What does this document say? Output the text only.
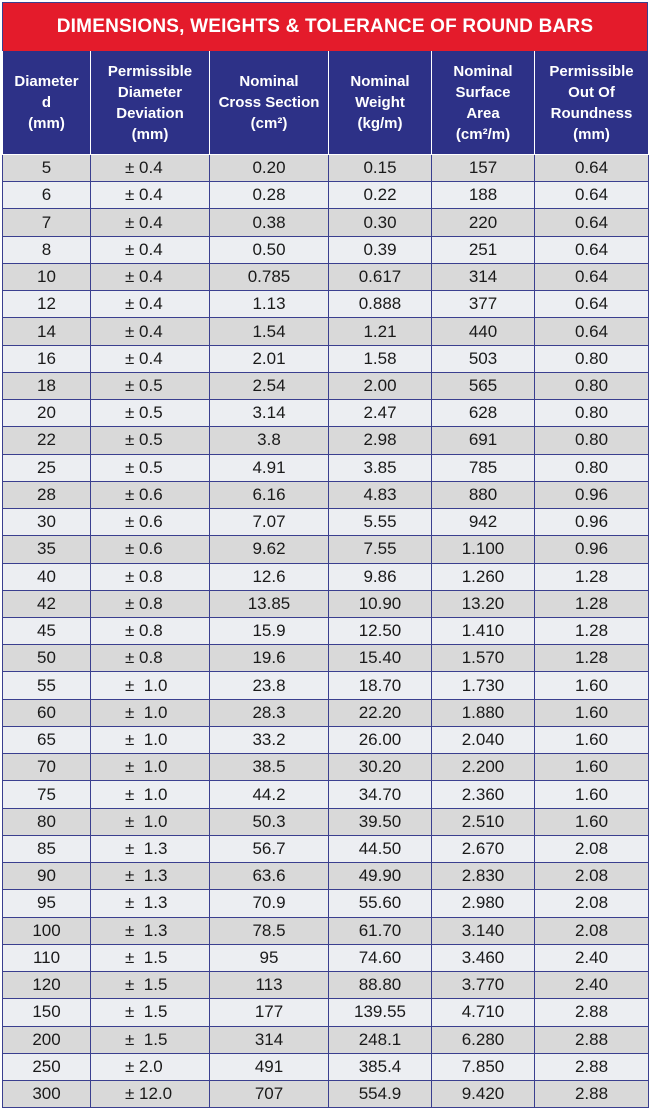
DIMENSIONS, WEIGHTS & TOLERANCE OF ROUND BARS
Diameter
d
(mm)	Permissible
Diameter
Deviation
(mm)	Nominal
Cross Section
(cm²)	Nominal
Weight
(kg/m)	Nominal
Surface
Area
(cm²/m)	Permissible
Out Of
Roundness
(mm)

5	± 0.4	0.20	0.15	157	0.64
6	± 0.4	0.28	0.22	188	0.64
7	± 0.4	0.38	0.30	220	0.64
8	± 0.4	0.50	0.39	251	0.64
10	± 0.4	0.785	0.617	314	0.64
12	± 0.4	1.13	0.888	377	0.64
14	± 0.4	1.54	1.21	440	0.64
16	± 0.4	2.01	1.58	503	0.80
18	± 0.5	2.54	2.00	565	0.80
20	± 0.5	3.14	2.47	628	0.80
22	± 0.5	3.8	2.98	691	0.80
25	± 0.5	4.91	3.85	785	0.80
28	± 0.6	6.16	4.83	880	0.96
30	± 0.6	7.07	5.55	942	0.96
35	± 0.6	9.62	7.55	1.100	0.96
40	± 0.8	12.6	9.86	1.260	1.28
42	± 0.8	13.85	10.90	13.20	1.28
45	± 0.8	15.9	12.50	1.410	1.28
50	± 0.8	19.6	15.40	1.570	1.28
55	±  1.0	23.8	18.70	1.730	1.60
60	±  1.0	28.3	22.20	1.880	1.60
65	±  1.0	33.2	26.00	2.040	1.60
70	±  1.0	38.5	30.20	2.200	1.60
75	±  1.0	44.2	34.70	2.360	1.60
80	±  1.0	50.3	39.50	2.510	1.60
85	±  1.3	56.7	44.50	2.670	2.08
90	±  1.3	63.6	49.90	2.830	2.08
95	±  1.3	70.9	55.60	2.980	2.08
100	±  1.3	78.5	61.70	3.140	2.08
110	±  1.5	95	74.60	3.460	2.40
120	±  1.5	113	88.80	3.770	2.40
150	±  1.5	177	139.55	4.710	2.88
200	±  1.5	314	248.1	6.280	2.88
250	± 2.0	491	385.4	7.850	2.88
300	± 12.0	707	554.9	9.420	2.88
